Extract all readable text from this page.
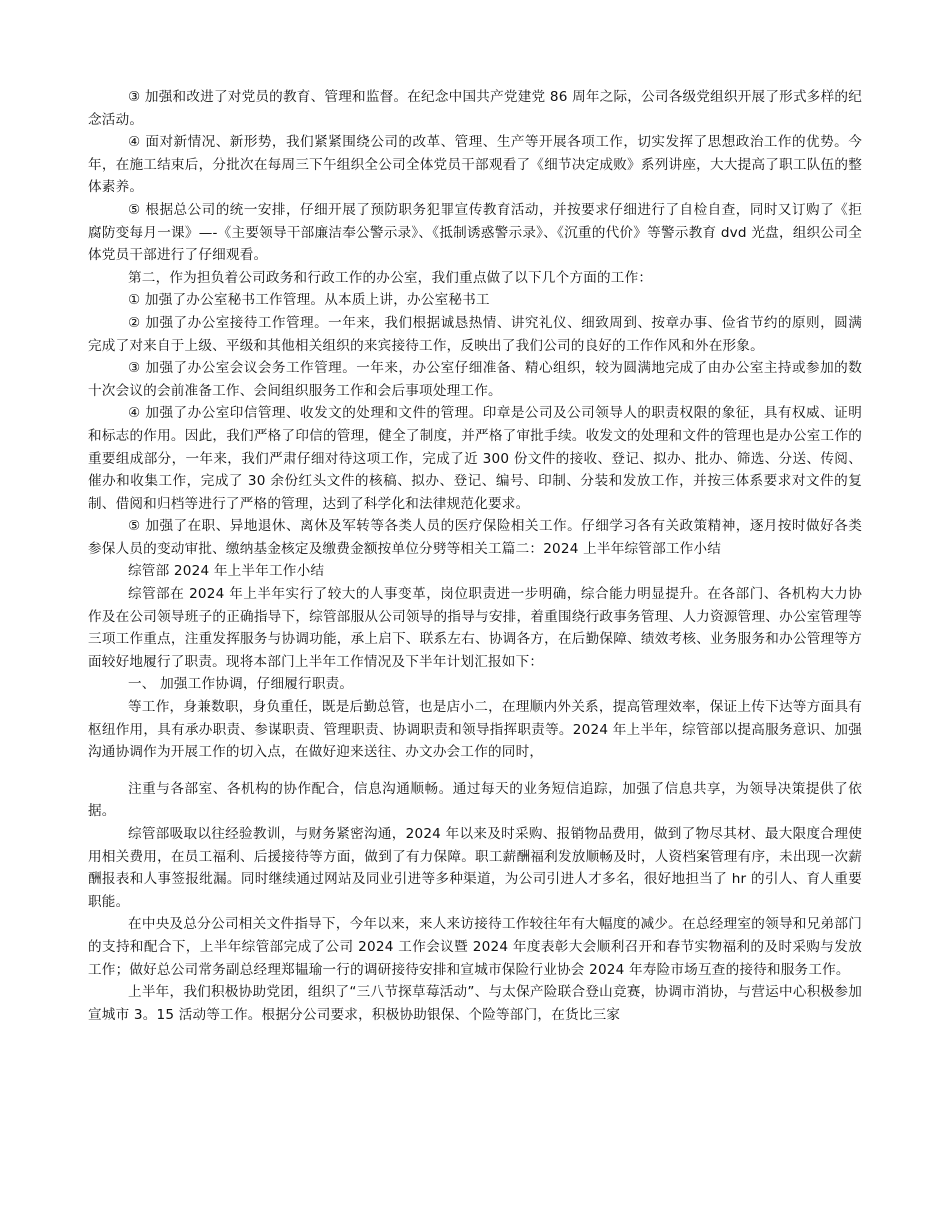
③ 加强和改进了对党员的教育、管理和监督。在纪念中国共产党建党 86 周年之际，公司各级党组织开展了形式多样的纪念活动。

④ 面对新情况、新形势，我们紧紧围绕公司的改革、管理、生产等开展各项工作，切实发挥了思想政治工作的优势。今年，在施工结束后，分批次在每周三下午组织全公司全体党员干部观看了《细节决定成败》系列讲座，大大提高了职工队伍的整体素养。

⑤ 根据总公司的统一安排，仔细开展了预防职务犯罪宣传教育活动，并按要求仔细进行了自检自查，同时又订购了《拒腐防变每月一课》—-《主要领导干部廉洁奉公警示录》、《抵制诱惑警示录》、《沉重的代价》等警示教育 dvd 光盘，组织公司全体党员干部进行了仔细观看。

第二，作为担负着公司政务和行政工作的办公室，我们重点做了以下几个方面的工作：

① 加强了办公室秘书工作管理。从本质上讲，办公室秘书工

② 加强了办公室接待工作管理。一年来，我们根据诚恳热情、讲究礼仪、细致周到、按章办事、俭省节约的原则，圆满完成了对来自于上级、平级和其他相关组织的来宾接待工作，反映出了我们公司的良好的工作作风和外在形象。

③ 加强了办公室会议会务工作管理。一年来，办公室仔细准备、精心组织，较为圆满地完成了由办公室主持或参加的数十次会议的会前准备工作、会间组织服务工作和会后事项处理工作。

④ 加强了办公室印信管理、收发文的处理和文件的管理。印章是公司及公司领导人的职责权限的象征，具有权威、证明和标志的作用。因此，我们严格了印信的管理，健全了制度，并严格了审批手续。收发文的处理和文件的管理也是办公室工作的重要组成部分，一年来，我们严肃仔细对待这项工作，完成了近 300 份文件的接收、登记、拟办、批办、筛选、分送、传阅、催办和收集工作，完成了 30 余份红头文件的核稿、拟办、登记、编号、印制、分装和发放工作，并按三体系要求对文件的复制、借阅和归档等进行了严格的管理，达到了科学化和法律规范化要求。

⑤ 加强了在职、异地退休、离休及军转等各类人员的医疗保险相关工作。仔细学习各有关政策精神，逐月按时做好各类参保人员的变动审批、缴纳基金核定及缴费金额按单位分劈等相关工篇二：2024 上半年综管部工作小结

综管部 2024 年上半年工作小结

综管部在 2024 年上半年实行了较大的人事变革，岗位职责进一步明确，综合能力明显提升。在各部门、各机构大力协作及在公司领导班子的正确指导下，综管部服从公司领导的指导与安排，着重围绕行政事务管理、人力资源管理、办公室管理等三项工作重点，注重发挥服务与协调功能，承上启下、联系左右、协调各方，在后勤保障、绩效考核、业务服务和办公管理等方面较好地履行了职责。现将本部门上半年工作情况及下半年计划汇报如下：

一、 加强工作协调，仔细履行职责。

等工作，身兼数职，身负重任，既是后勤总管，也是店小二，在理顺内外关系，提高管理效率，保证上传下达等方面具有枢纽作用，具有承办职责、参谋职责、管理职责、协调职责和领导指挥职责等。2024 年上半年，综管部以提高服务意识、加强沟通协调作为开展工作的切入点，在做好迎来送往、办文办会工作的同时，

注重与各部室、各机构的协作配合，信息沟通顺畅。通过每天的业务短信追踪，加强了信息共享，为领导决策提供了依据。

综管部吸取以往经验教训，与财务紧密沟通，2024 年以来及时采购、报销物品费用，做到了物尽其材、最大限度合理使用相关费用，在员工福利、后援接待等方面，做到了有力保障。职工薪酬福利发放顺畅及时，人资档案管理有序，未出现一次薪酬报表和人事签报纰漏。同时继续通过网站及同业引进等多种渠道，为公司引进人才多名，很好地担当了 hr 的引人、育人重要职能。

在中央及总分公司相关文件指导下，今年以来，来人来访接待工作较往年有大幅度的减少。在总经理室的领导和兄弟部门的支持和配合下，上半年综管部完成了公司 2024 工作会议暨 2024 年度表彰大会顺利召开和春节实物福利的及时采购与发放工作；做好总公司常务副总经理郑韫瑜一行的调研接待安排和宣城市保险行业协会 2024 年寿险市场互查的接待和服务工作。

上半年，我们积极协助党团，组织了“三八节探草莓活动”、与太保产险联合登山竞赛，协调市消协，与营运中心积极参加宣城市 3。15 活动等工作。根据分公司要求，积极协助银保、个险等部门，在货比三家
